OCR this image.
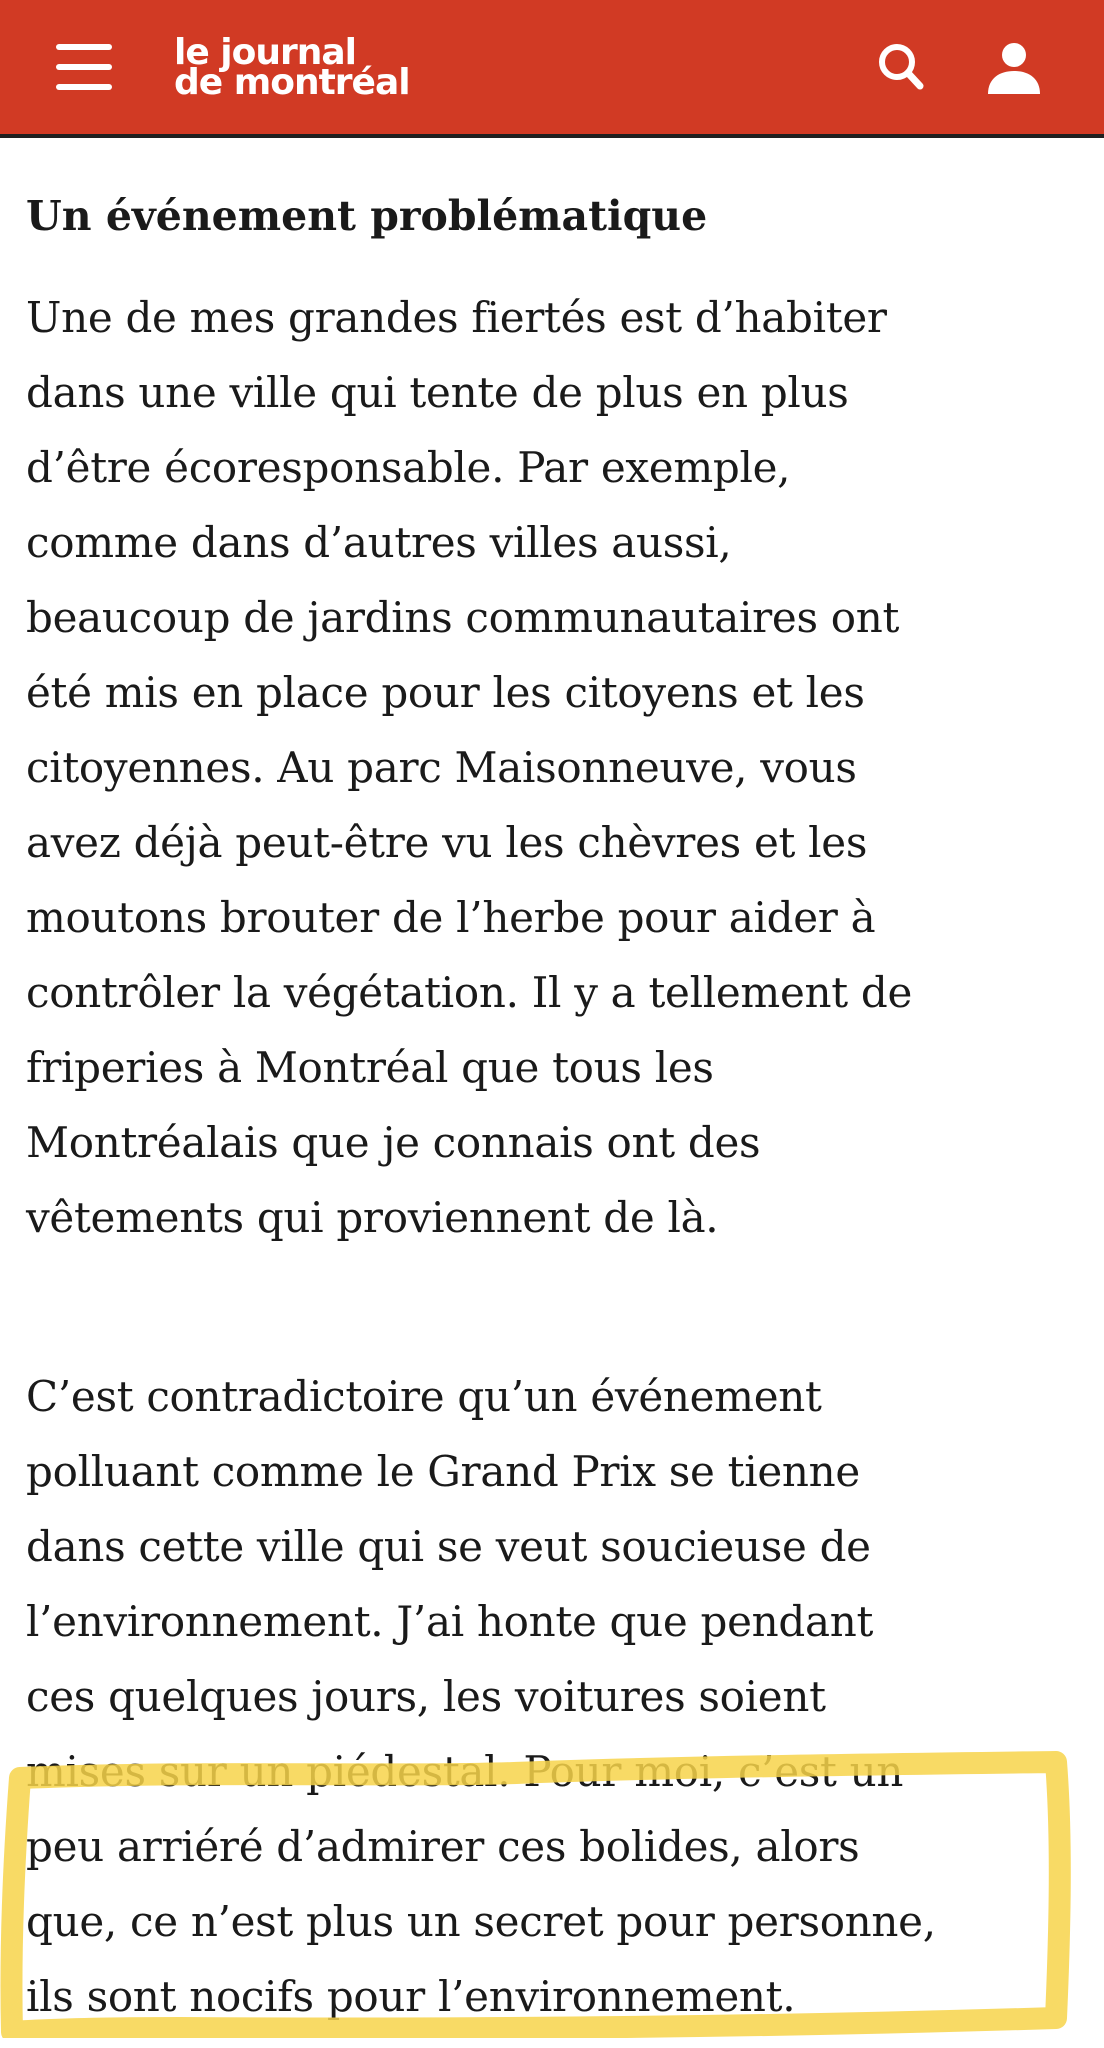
le journal
de montréal
Un événement problématique
Une de mes grandes fiertés est d’habiter
dans une ville qui tente de plus en plus
d’être écoresponsable. Par exemple,
comme dans d’autres villes aussi,
beaucoup de jardins communautaires ont
été mis en place pour les citoyens et les
citoyennes. Au parc Maisonneuve, vous
avez déjà peut-être vu les chèvres et les
moutons brouter de l’herbe pour aider à
contrôler la végétation. Il y a tellement de
friperies à Montréal que tous les
Montréalais que je connais ont des
vêtements qui proviennent de là.
C’est contradictoire qu’un événement
polluant comme le Grand Prix se tienne
dans cette ville qui se veut soucieuse de
l’environnement. J’ai honte que pendant
ces quelques jours, les voitures soient
mises sur un piédestal. Pour moi, c’est un
peu arriéré d’admirer ces bolides, alors
que, ce n’est plus un secret pour personne,
ils sont nocifs pour l’environnement.
